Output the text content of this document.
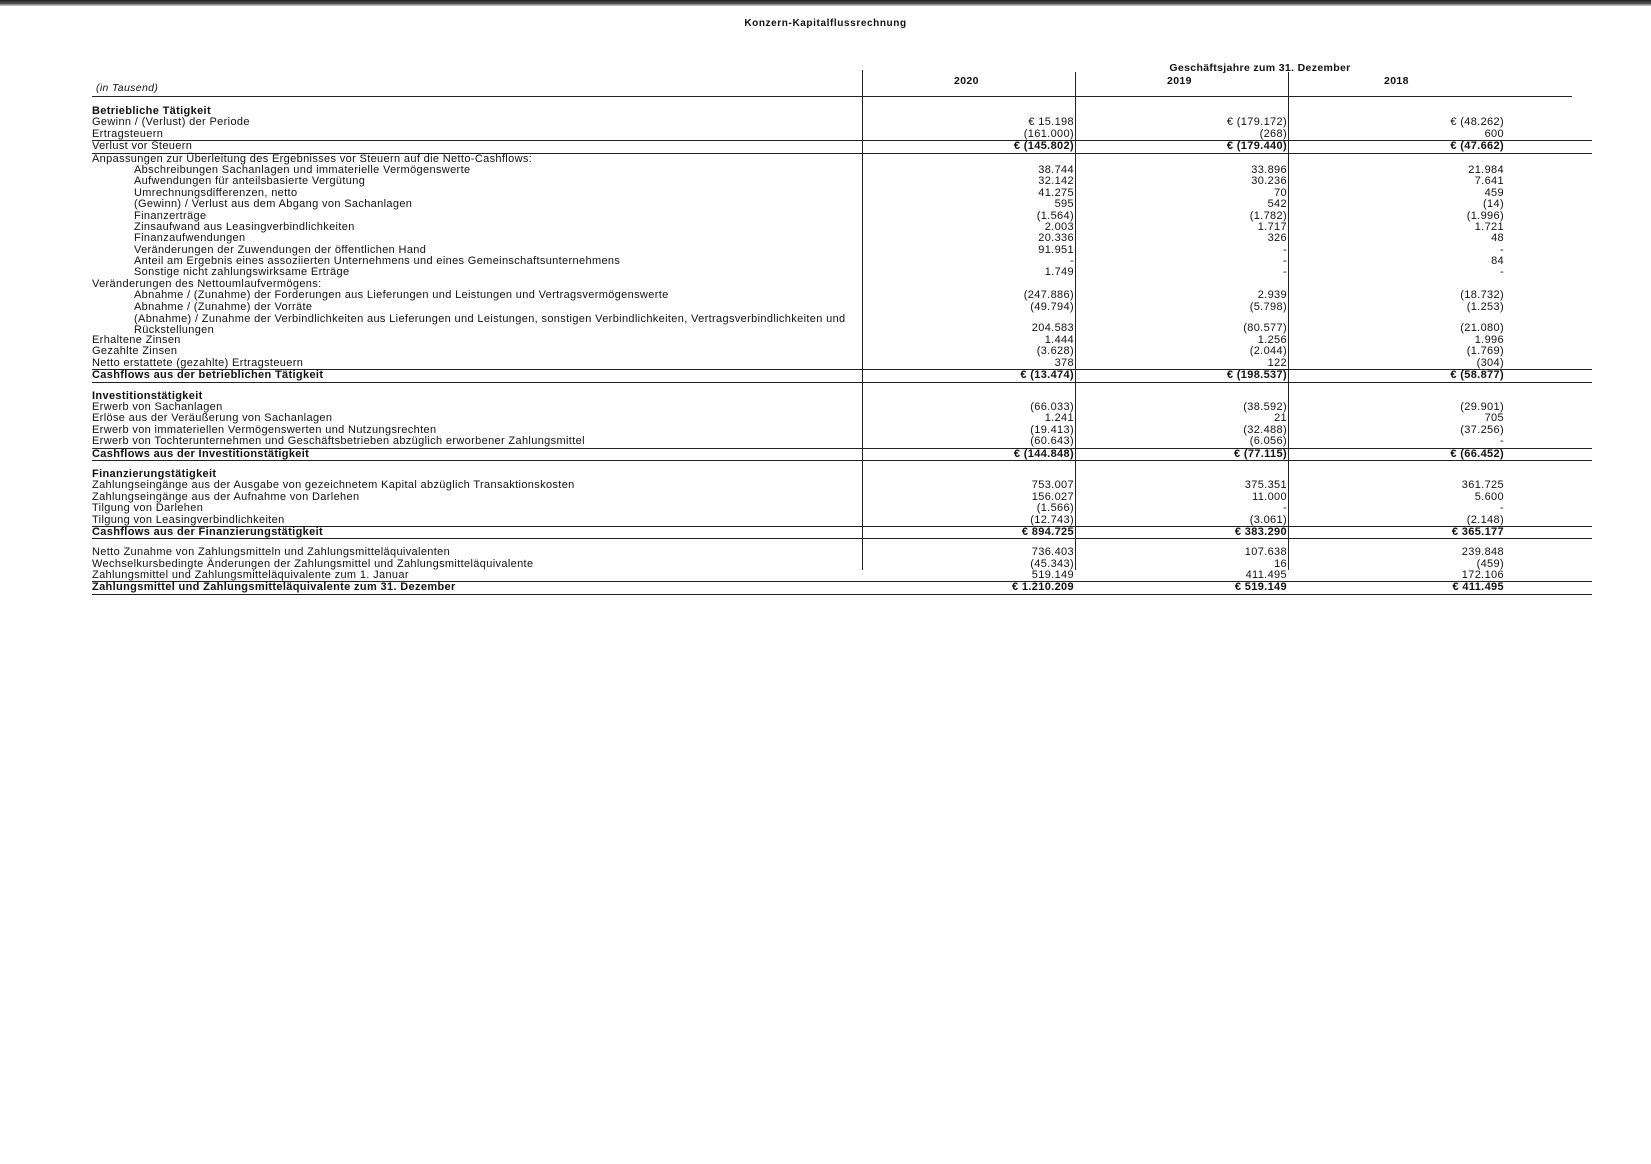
Konzern-Kapitalflussrechnung
Geschäftsjahre zum 31. Dezember
2020	2019	2018
(in Tausend)
Betriebliche Tätigkeit
Gewinn / (Verlust) der Periode	€ 15.198	€ (179.172)	€ (48.262)
Ertragsteuern	(161.000)	(268)	600
Verlust vor Steuern	€ (145.802)	€ (179.440)	€ (47.662)
Anpassungen zur Überleitung des Ergebnisses vor Steuern auf die Netto-Cashflows:
Abschreibungen Sachanlagen und immaterielle Vermögenswerte	38.744	33.896	21.984
Aufwendungen für anteilsbasierte Vergütung	32.142	30.236	7.641
Umrechnungsdifferenzen, netto	41.275	70	459
(Gewinn) / Verlust aus dem Abgang von Sachanlagen	595	542	(14)
Finanzerträge	(1.564)	(1.782)	(1.996)
Zinsaufwand aus Leasingverbindlichkeiten	2.003	1.717	1.721
Finanzaufwendungen	20.336	326	48
Veränderungen der Zuwendungen der öffentlichen Hand	91.951	-	-
Anteil am Ergebnis eines assoziierten Unternehmens und eines Gemeinschaftsunternehmens	-	-	84
Sonstige nicht zahlungswirksame Erträge	1.749	-	-
Veränderungen des Nettoumlaufvermögens:
Abnahme / (Zunahme) der Forderungen aus Lieferungen und Leistungen und Vertragsvermögenswerte	(247.886)	2.939	(18.732)
Abnahme / (Zunahme) der Vorräte	(49.794)	(5.798)	(1.253)
(Abnahme) / Zunahme der Verbindlichkeiten aus Lieferungen und Leistungen, sonstigen Verbindlichkeiten, Vertragsverbindlichkeiten und Rückstellungen	204.583	(80.577)	(21.080)
Erhaltene Zinsen	1.444	1.256	1.996
Gezahlte Zinsen	(3.628)	(2.044)	(1.769)
Netto erstattete (gezahlte) Ertragsteuern	378	122	(304)
Cashflows aus der betrieblichen Tätigkeit	€ (13.474)	€ (198.537)	€ (58.877)
Investitionstätigkeit
Erwerb von Sachanlagen	(66.033)	(38.592)	(29.901)
Erlöse aus der Veräußerung von Sachanlagen	1.241	21	705
Erwerb von immateriellen Vermögenswerten und Nutzungsrechten	(19.413)	(32.488)	(37.256)
Erwerb von Tochterunternehmen und Geschäftsbetrieben abzüglich erworbener Zahlungsmittel	(60.643)	(6.056)	-
Cashflows aus der Investitionstätigkeit	€ (144.848)	€ (77.115)	€ (66.452)
Finanzierungstätigkeit
Zahlungseingänge aus der Ausgabe von gezeichnetem Kapital abzüglich Transaktionskosten	753.007	375.351	361.725
Zahlungseingänge aus der Aufnahme von Darlehen	156.027	11.000	5.600
Tilgung von Darlehen	(1.566)	-	-
Tilgung von Leasingverbindlichkeiten	(12.743)	(3.061)	(2.148)
Cashflows aus der Finanzierungstätigkeit	€ 894.725	€ 383.290	€ 365.177
Netto Zunahme von Zahlungsmitteln und Zahlungsmitteläquivalenten	736.403	107.638	239.848
Wechselkursbedingte Änderungen der Zahlungsmittel und Zahlungsmitteläquivalente	(45.343)	16	(459)
Zahlungsmittel und Zahlungsmitteläquivalente zum 1. Januar	519.149	411.495	172.106
Zahlungsmittel und Zahlungsmitteläquivalente zum 31. Dezember	€ 1.210.209	€ 519.149	€ 411.495
